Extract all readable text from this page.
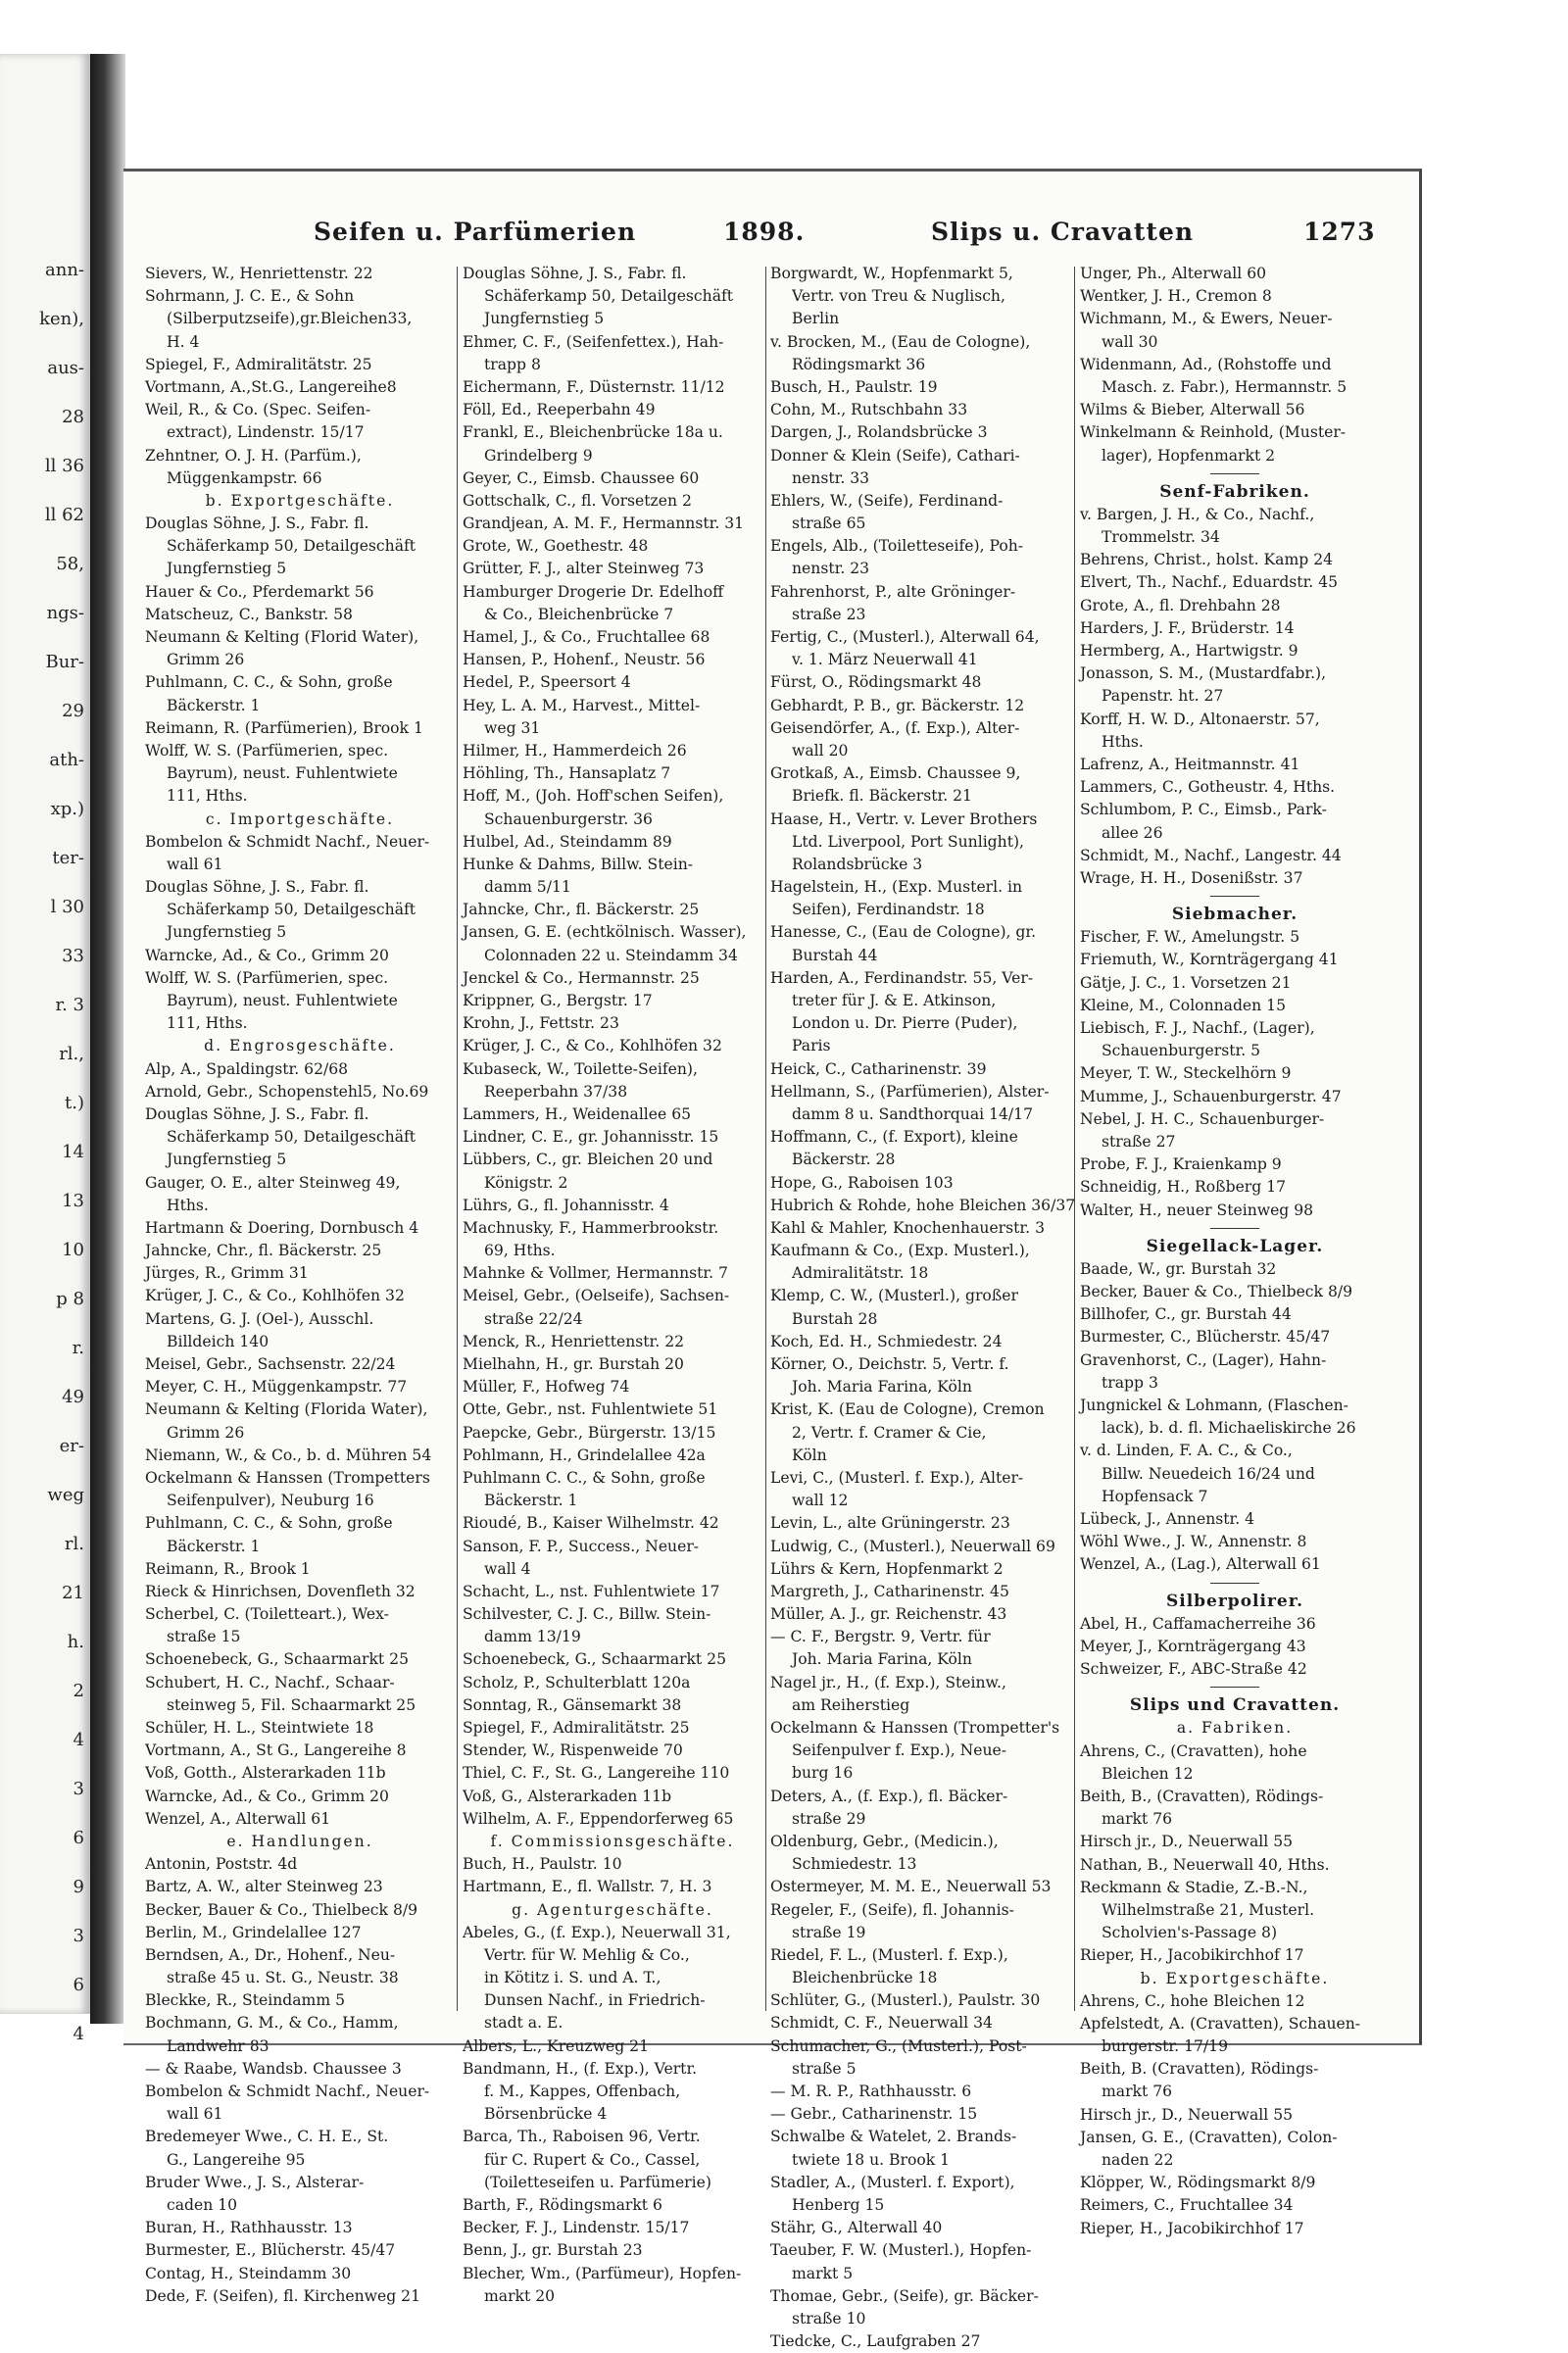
ann-
ken),
aus-
28
ll 36
ll 62
58,
ngs-
Bur-
29
ath-
xp.)
ter-
l 30
33
r. 3
rl.,
t.)
14
13
10
p 8
r.
49
er-
weg
rl.
21
h.
2
4
3
6
9
3
6
4
Seifen u. Parfümerien	1898.	Slips u. Cravatten	1273
Sievers, W., Henriettenstr. 22
Sohrmann, J. C. E., & Sohn
(Silberputzseife),gr.Bleichen33,
H. 4
Spiegel, F., Admiralitätstr. 25
Vortmann, A.,St.G., Langereihe8
Weil, R., & Co. (Spec. Seifen-
extract), Lindenstr. 15/17
Zehntner, O. J. H. (Parfüm.),
Müggenkampstr. 66
b. Exportgeschäfte.
Douglas Söhne, J. S., Fabr. fl.
Schäferkamp 50, Detailgeschäft
Jungfernstieg 5
Hauer & Co., Pferdemarkt 56
Matscheuz, C., Bankstr. 58
Neumann & Kelting (Florid Water),
Grimm 26
Puhlmann, C. C., & Sohn, große
Bäckerstr. 1
Reimann, R. (Parfümerien), Brook 1
Wolff, W. S. (Parfümerien, spec.
Bayrum), neust. Fuhlentwiete
111, Hths.
c. Importgeschäfte.
Bombelon & Schmidt Nachf., Neuer-
wall 61
Douglas Söhne, J. S., Fabr. fl.
Schäferkamp 50, Detailgeschäft
Jungfernstieg 5
Warncke, Ad., & Co., Grimm 20
Wolff, W. S. (Parfümerien, spec.
Bayrum), neust. Fuhlentwiete
111, Hths.
d. Engrosgeschäfte.
Alp, A., Spaldingstr. 62/68
Arnold, Gebr., Schopenstehl5, No.69
Douglas Söhne, J. S., Fabr. fl.
Schäferkamp 50, Detailgeschäft
Jungfernstieg 5
Gauger, O. E., alter Steinweg 49,
Hths.
Hartmann & Doering, Dornbusch 4
Jahncke, Chr., fl. Bäckerstr. 25
Jürges, R., Grimm 31
Krüger, J. C., & Co., Kohlhöfen 32
Martens, G. J. (Oel-), Ausschl.
Billdeich 140
Meisel, Gebr., Sachsenstr. 22/24
Meyer, C. H., Müggenkampstr. 77
Neumann & Kelting (Florida Water),
Grimm 26
Niemann, W., & Co., b. d. Mühren 54
Ockelmann & Hanssen (Trompetters
Seifenpulver), Neuburg 16
Puhlmann, C. C., & Sohn, große
Bäckerstr. 1
Reimann, R., Brook 1
Rieck & Hinrichsen, Dovenfleth 32
Scherbel, C. (Toiletteart.), Wex-
straße 15
Schoenebeck, G., Schaarmarkt 25
Schubert, H. C., Nachf., Schaar-
steinweg 5, Fil. Schaarmarkt 25
Schüler, H. L., Steintwiete 18
Vortmann, A., St G., Langereihe 8
Voß, Gotth., Alsterarkaden 11b
Warncke, Ad., & Co., Grimm 20
Wenzel, A., Alterwall 61
e. Handlungen.
Antonin, Poststr. 4d
Bartz, A. W., alter Steinweg 23
Becker, Bauer & Co., Thielbeck 8/9
Berlin, M., Grindelallee 127
Berndsen, A., Dr., Hohenf., Neu-
straße 45 u. St. G., Neustr. 38
Bleckke, R., Steindamm 5
Bochmann, G. M., & Co., Hamm,
Landwehr 83
— & Raabe, Wandsb. Chaussee 3
Bombelon & Schmidt Nachf., Neuer-
wall 61
Bredemeyer Wwe., C. H. E., St.
G., Langereihe 95
Bruder Wwe., J. S., Alsterar-
caden 10
Buran, H., Rathhausstr. 13
Burmester, E., Blücherstr. 45/47
Contag, H., Steindamm 30
Dede, F. (Seifen), fl. Kirchenweg 21
Douglas Söhne, J. S., Fabr. fl.
Schäferkamp 50, Detailgeschäft
Jungfernstieg 5
Ehmer, C. F., (Seifenfettex.), Hah-
trapp 8
Eichermann, F., Düsternstr. 11/12
Föll, Ed., Reeperbahn 49
Frankl, E., Bleichenbrücke 18a u.
Grindelberg 9
Geyer, C., Eimsb. Chaussee 60
Gottschalk, C., fl. Vorsetzen 2
Grandjean, A. M. F., Hermannstr. 31
Grote, W., Goethestr. 48
Grütter, F. J., alter Steinweg 73
Hamburger Drogerie Dr. Edelhoff
& Co., Bleichenbrücke 7
Hamel, J., & Co., Fruchtallee 68
Hansen, P., Hohenf., Neustr. 56
Hedel, P., Speersort 4
Hey, L. A. M., Harvest., Mittel-
weg 31
Hilmer, H., Hammerdeich 26
Höhling, Th., Hansaplatz 7
Hoff, M., (Joh. Hoff'schen Seifen),
Schauenburgerstr. 36
Hulbel, Ad., Steindamm 89
Hunke & Dahms, Billw. Stein-
damm 5/11
Jahncke, Chr., fl. Bäckerstr. 25
Jansen, G. E. (echtkölnisch. Wasser),
Colonnaden 22 u. Steindamm 34
Jenckel & Co., Hermannstr. 25
Krippner, G., Bergstr. 17
Krohn, J., Fettstr. 23
Krüger, J. C., & Co., Kohlhöfen 32
Kubaseck, W., Toilette-Seifen),
Reeperbahn 37/38
Lammers, H., Weidenallee 65
Lindner, C. E., gr. Johannisstr. 15
Lübbers, C., gr. Bleichen 20 und
Königstr. 2
Lührs, G., fl. Johannisstr. 4
Machnusky, F., Hammerbrookstr.
69, Hths.
Mahnke & Vollmer, Hermannstr. 7
Meisel, Gebr., (Oelseife), Sachsen-
straße 22/24
Menck, R., Henriettenstr. 22
Mielhahn, H., gr. Burstah 20
Müller, F., Hofweg 74
Otte, Gebr., nst. Fuhlentwiete 51
Paepcke, Gebr., Bürgerstr. 13/15
Pohlmann, H., Grindelallee 42a
Puhlmann C. C., & Sohn, große
Bäckerstr. 1
Rioudé, B., Kaiser Wilhelmstr. 42
Sanson, F. P., Success., Neuer-
wall 4
Schacht, L., nst. Fuhlentwiete 17
Schilvester, C. J. C., Billw. Stein-
damm 13/19
Schoenebeck, G., Schaarmarkt 25
Scholz, P., Schulterblatt 120a
Sonntag, R., Gänsemarkt 38
Spiegel, F., Admiralitätstr. 25
Stender, W., Rispenweide 70
Thiel, C. F., St. G., Langereihe 110
Voß, G., Alsterarkaden 11b
Wilhelm, A. F., Eppendorferweg 65
f. Commissionsgeschäfte.
Buch, H., Paulstr. 10
Hartmann, E., fl. Wallstr. 7, H. 3
g. Agenturgeschäfte.
Abeles, G., (f. Exp.), Neuerwall 31,
Vertr. für W. Mehlig & Co.,
in Kötitz i. S. und A. T.,
Dunsen Nachf., in Friedrich-
stadt a. E.
Albers, L., Kreuzweg 21
Bandmann, H., (f. Exp.), Vertr.
f. M., Kappes, Offenbach,
Börsenbrücke 4
Barca, Th., Raboisen 96, Vertr.
für C. Rupert & Co., Cassel,
(Toiletteseifen u. Parfümerie)
Barth, F., Rödingsmarkt 6
Becker, F. J., Lindenstr. 15/17
Benn, J., gr. Burstah 23
Blecher, Wm., (Parfümeur), Hopfen-
markt 20
Borgwardt, W., Hopfenmarkt 5,
Vertr. von Treu & Nuglisch,
Berlin
v. Brocken, M., (Eau de Cologne),
Rödingsmarkt 36
Busch, H., Paulstr. 19
Cohn, M., Rutschbahn 33
Dargen, J., Rolandsbrücke 3
Donner & Klein (Seife), Cathari-
nenstr. 33
Ehlers, W., (Seife), Ferdinand-
straße 65
Engels, Alb., (Toiletteseife), Poh-
nenstr. 23
Fahrenhorst, P., alte Gröninger-
straße 23
Fertig, C., (Musterl.), Alterwall 64,
v. 1. März Neuerwall 41
Fürst, O., Rödingsmarkt 48
Gebhardt, P. B., gr. Bäckerstr. 12
Geisendörfer, A., (f. Exp.), Alter-
wall 20
Grotkaß, A., Eimsb. Chaussee 9,
Briefk. fl. Bäckerstr. 21
Haase, H., Vertr. v. Lever Brothers
Ltd. Liverpool, Port Sunlight),
Rolandsbrücke 3
Hagelstein, H., (Exp. Musterl. in
Seifen), Ferdinandstr. 18
Hanesse, C., (Eau de Cologne), gr.
Burstah 44
Harden, A., Ferdinandstr. 55, Ver-
treter für J. & E. Atkinson,
London u. Dr. Pierre (Puder),
Paris
Heick, C., Catharinenstr. 39
Hellmann, S., (Parfümerien), Alster-
damm 8 u. Sandthorquai 14/17
Hoffmann, C., (f. Export), kleine
Bäckerstr. 28
Hope, G., Raboisen 103
Hubrich & Rohde, hohe Bleichen 36/37
Kahl & Mahler, Knochenhauerstr. 3
Kaufmann & Co., (Exp. Musterl.),
Admiralitätstr. 18
Klemp, C. W., (Musterl.), großer
Burstah 28
Koch, Ed. H., Schmiedestr. 24
Körner, O., Deichstr. 5, Vertr. f.
Joh. Maria Farina, Köln
Krist, K. (Eau de Cologne), Cremon
2, Vertr. f. Cramer & Cie,
Köln
Levi, C., (Musterl. f. Exp.), Alter-
wall 12
Levin, L., alte Grüningerstr. 23
Ludwig, C., (Musterl.), Neuerwall 69
Lührs & Kern, Hopfenmarkt 2
Margreth, J., Catharinenstr. 45
Müller, A. J., gr. Reichenstr. 43
— C. F., Bergstr. 9, Vertr. für
Joh. Maria Farina, Köln
Nagel jr., H., (f. Exp.), Steinw.,
am Reiherstieg
Ockelmann & Hanssen (Trompetter's
Seifenpulver f. Exp.), Neue-
burg 16
Deters, A., (f. Exp.), fl. Bäcker-
straße 29
Oldenburg, Gebr., (Medicin.),
Schmiedestr. 13
Ostermeyer, M. M. E., Neuerwall 53
Regeler, F., (Seife), fl. Johannis-
straße 19
Riedel, F. L., (Musterl. f. Exp.),
Bleichenbrücke 18
Schlüter, G., (Musterl.), Paulstr. 30
Schmidt, C. F., Neuerwall 34
Schumacher, G., (Musterl.), Post-
straße 5
— M. R. P., Rathhausstr. 6
— Gebr., Catharinenstr. 15
Schwalbe & Watelet, 2. Brands-
twiete 18 u. Brook 1
Stadler, A., (Musterl. f. Export),
Henberg 15
Stähr, G., Alterwall 40
Taeuber, F. W. (Musterl.), Hopfen-
markt 5
Thomae, Gebr., (Seife), gr. Bäcker-
straße 10
Tiedcke, C., Laufgraben 27
Unger, Ph., Alterwall 60
Wentker, J. H., Cremon 8
Wichmann, M., & Ewers, Neuer-
wall 30
Widenmann, Ad., (Rohstoffe und
Masch. z. Fabr.), Hermannstr. 5
Wilms & Bieber, Alterwall 56
Winkelmann & Reinhold, (Muster-
lager), Hopfenmarkt 2
Senf-Fabriken.
v. Bargen, J. H., & Co., Nachf.,
Trommelstr. 34
Behrens, Christ., holst. Kamp 24
Elvert, Th., Nachf., Eduardstr. 45
Grote, A., fl. Drehbahn 28
Harders, J. F., Brüderstr. 14
Hermberg, A., Hartwigstr. 9
Jonasson, S. M., (Mustardfabr.),
Papenstr. ht. 27
Korff, H. W. D., Altonaerstr. 57,
Hths.
Lafrenz, A., Heitmannstr. 41
Lammers, C., Gotheustr. 4, Hths.
Schlumbom, P. C., Eimsb., Park-
allee 26
Schmidt, M., Nachf., Langestr. 44
Wrage, H. H., Dosenißstr. 37
Siebmacher.
Fischer, F. W., Amelungstr. 5
Friemuth, W., Kornträgergang 41
Gätje, J. C., 1. Vorsetzen 21
Kleine, M., Colonnaden 15
Liebisch, F. J., Nachf., (Lager),
Schauenburgerstr. 5
Meyer, T. W., Steckelhörn 9
Mumme, J., Schauenburgerstr. 47
Nebel, J. H. C., Schauenburger-
straße 27
Probe, F. J., Kraienkamp 9
Schneidig, H., Roßberg 17
Walter, H., neuer Steinweg 98
Siegellack-Lager.
Baade, W., gr. Burstah 32
Becker, Bauer & Co., Thielbeck 8/9
Billhofer, C., gr. Burstah 44
Burmester, C., Blücherstr. 45/47
Gravenhorst, C., (Lager), Hahn-
trapp 3
Jungnickel & Lohmann, (Flaschen-
lack), b. d. fl. Michaeliskirche 26
v. d. Linden, F. A. C., & Co.,
Billw. Neuedeich 16/24 und
Hopfensack 7
Lübeck, J., Annenstr. 4
Wöhl Wwe., J. W., Annenstr. 8
Wenzel, A., (Lag.), Alterwall 61
Silberpolirer.
Abel, H., Caffamacherreihe 36
Meyer, J., Kornträgergang 43
Schweizer, F., ABC-Straße 42
Slips und Cravatten.
a. Fabriken.
Ahrens, C., (Cravatten), hohe
Bleichen 12
Beith, B., (Cravatten), Rödings-
markt 76
Hirsch jr., D., Neuerwall 55
Nathan, B., Neuerwall 40, Hths.
Reckmann & Stadie, Z.-B.-N.,
Wilhelmstraße 21, Musterl.
Scholvien's-Passage 8)
Rieper, H., Jacobikirchhof 17
b. Exportgeschäfte.
Ahrens, C., hohe Bleichen 12
Apfelstedt, A. (Cravatten), Schauen-
burgerstr. 17/19
Beith, B. (Cravatten), Rödings-
markt 76
Hirsch jr., D., Neuerwall 55
Jansen, G. E., (Cravatten), Colon-
naden 22
Klöpper, W., Rödingsmarkt 8/9
Reimers, C., Fruchtallee 34
Rieper, H., Jacobikirchhof 17
